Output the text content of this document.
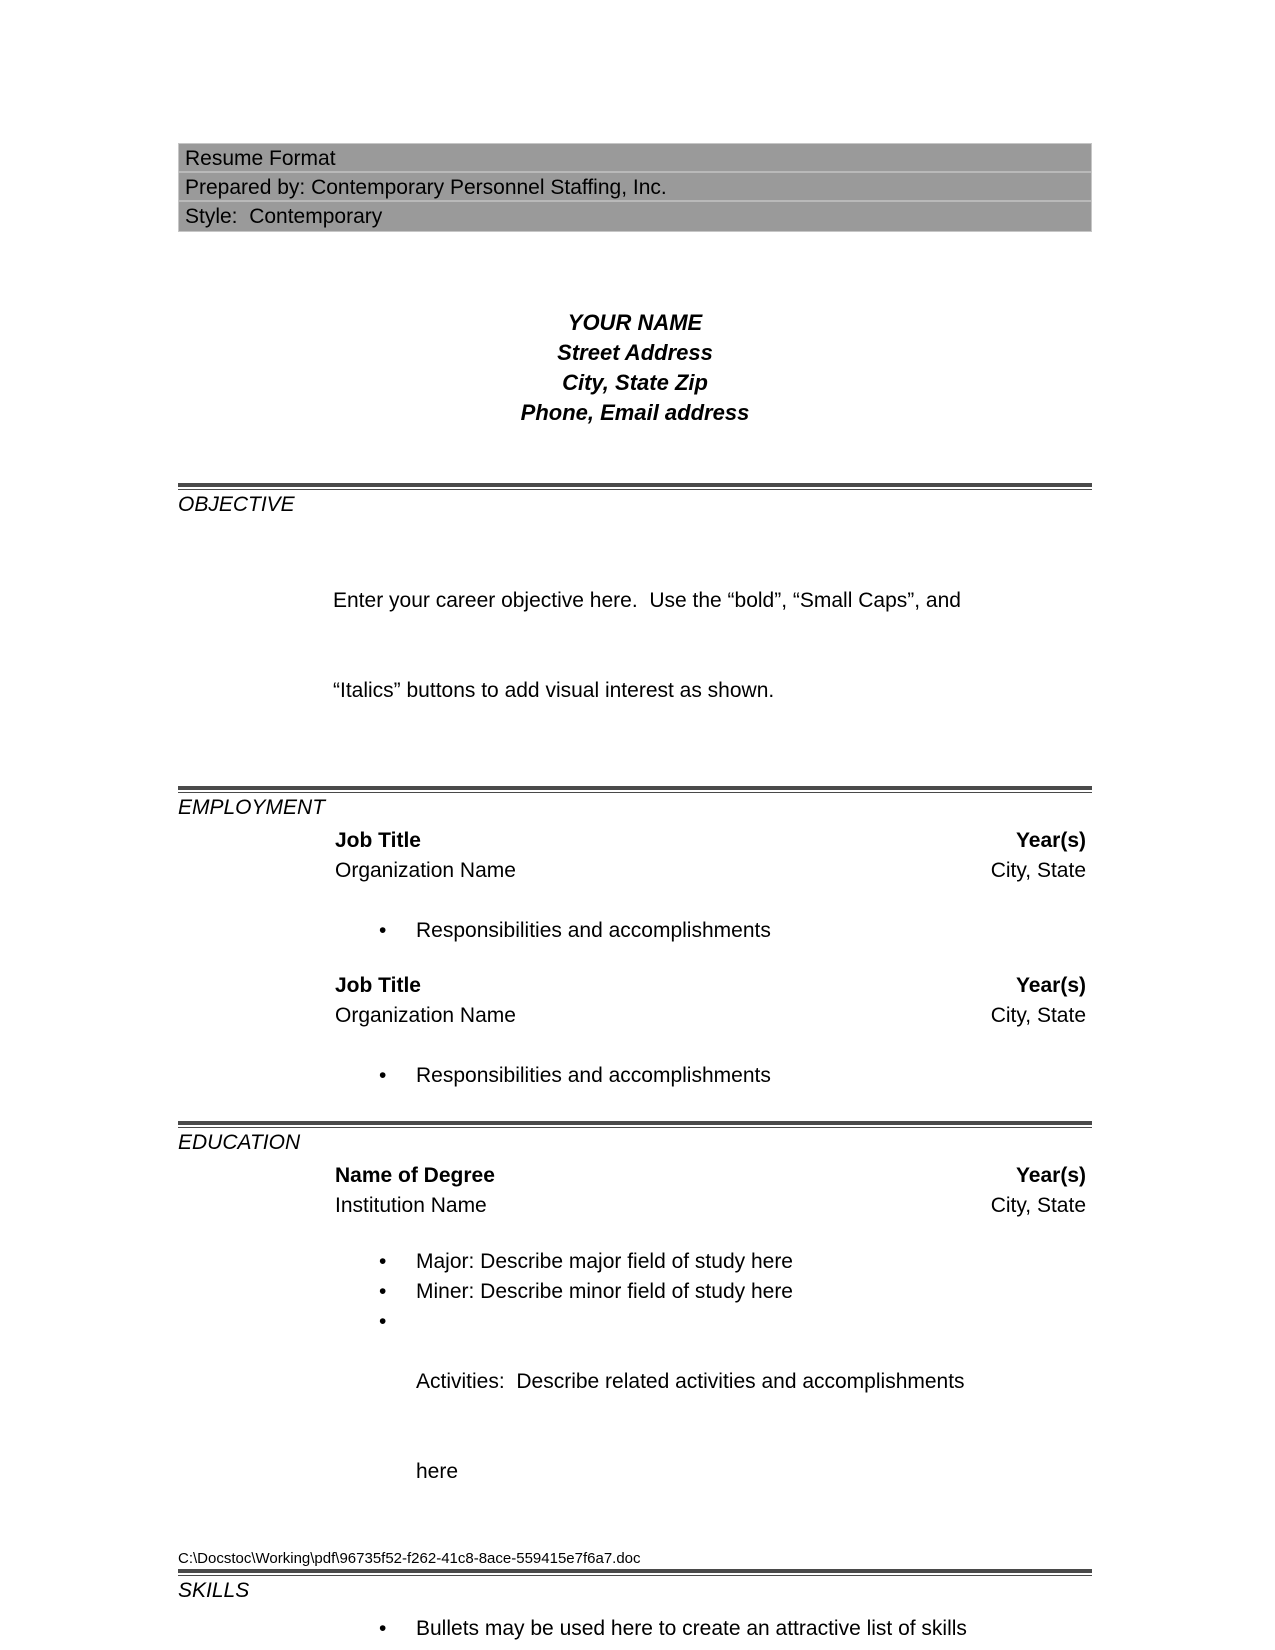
Resume Format
Prepared by: Contemporary Personnel Staffing, Inc.
Style:  Contemporary
YOUR NAME
Street Address
City, State Zip
Phone, Email address
OBJECTIVE

Enter your career objective here.  Use the “bold”, “Small Caps”, and

“Italics” buttons to add visual interest as shown.

EMPLOYMENT
Job Title	Year(s)
Organization Name	City, State
• Responsibilities and accomplishments
Job Title	Year(s)
Organization Name	City, State
• Responsibilities and accomplishments
EDUCATION
Name of Degree	Year(s)
Institution Name	City, State
• Major: Describe major field of study here
• Miner: Describe minor field of study here

• Activities:  Describe related activities and accomplishments

here

SKILLS
• Bullets may be used here to create an attractive list of skills
C:\Docstoc\Working\pdf\96735f52-f262-41c8-8ace-559415e7f6a7.doc
